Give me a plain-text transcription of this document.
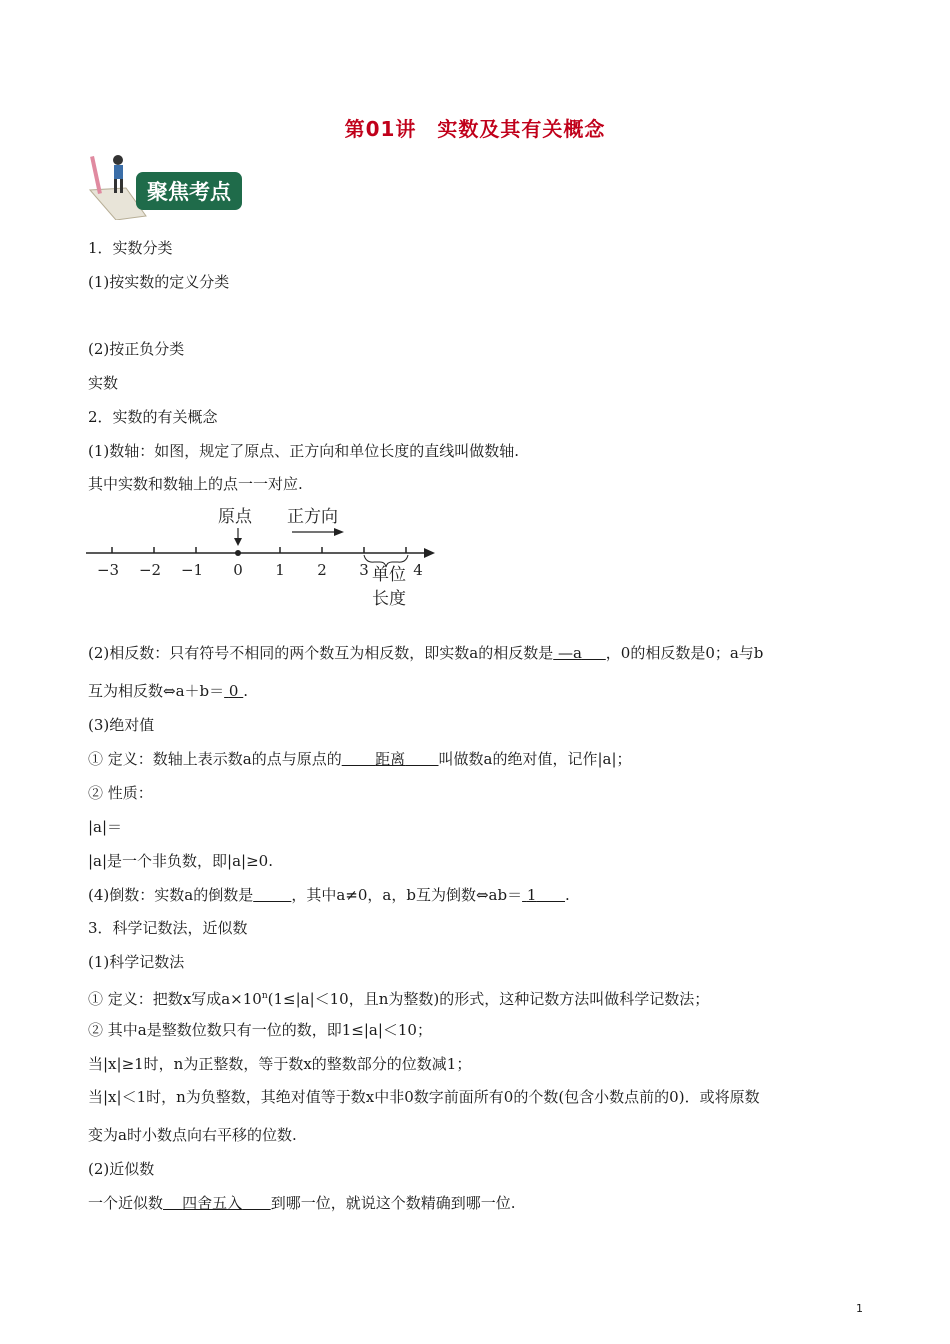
第01讲　实数及其有关概念
聚焦考点
1．实数分类
(1)按实数的定义分类
(2)按正负分类
实数
2．实数的有关概念
(1)数轴：如图，规定了原点、正方向和单位长度的直线叫做数轴.
其中实数和数轴上的点一一对应.
原点 正方向
−3 −2 −1 0 1 2 3	4
单位
长度
(2)相反数：只有符号不相同的两个数互为相反数，即实数a的相反数是 —a ，0的相反数是0；a与b
互为相反数⇔a＋b＝ 0 .
(3)绝对值
① 定义：数轴上表示数a的点与原点的 距离 叫做数a的绝对值，记作|a|；
② 性质：
|a|＝
|a|是一个非负数，即|a|≥0.
(4)倒数：实数a的倒数是	，其中a≠0，a，b互为倒数⇔ab＝ 1 .
3．科学记数法，近似数
(1)科学记数法
① 定义：把数x写成$a\times 10^n(1\le|a|<10$，且n为整数)的形式，这种记数方法叫做科学记数法；
② 其中a是整数位数只有一位的数，即1≤|a|＜10；
当|x|≥1时，n为正整数，等于数x的整数部分的位数减1；
当|x|＜1时，n为负整数，其绝对值等于数x中非0数字前面所有0的个数(包含小数点前的0)．或将原数
变为a时小数点向右平移的位数.
(2)近似数
一个近似数 四舍五入 到哪一位，就说这个数精确到哪一位.
1
